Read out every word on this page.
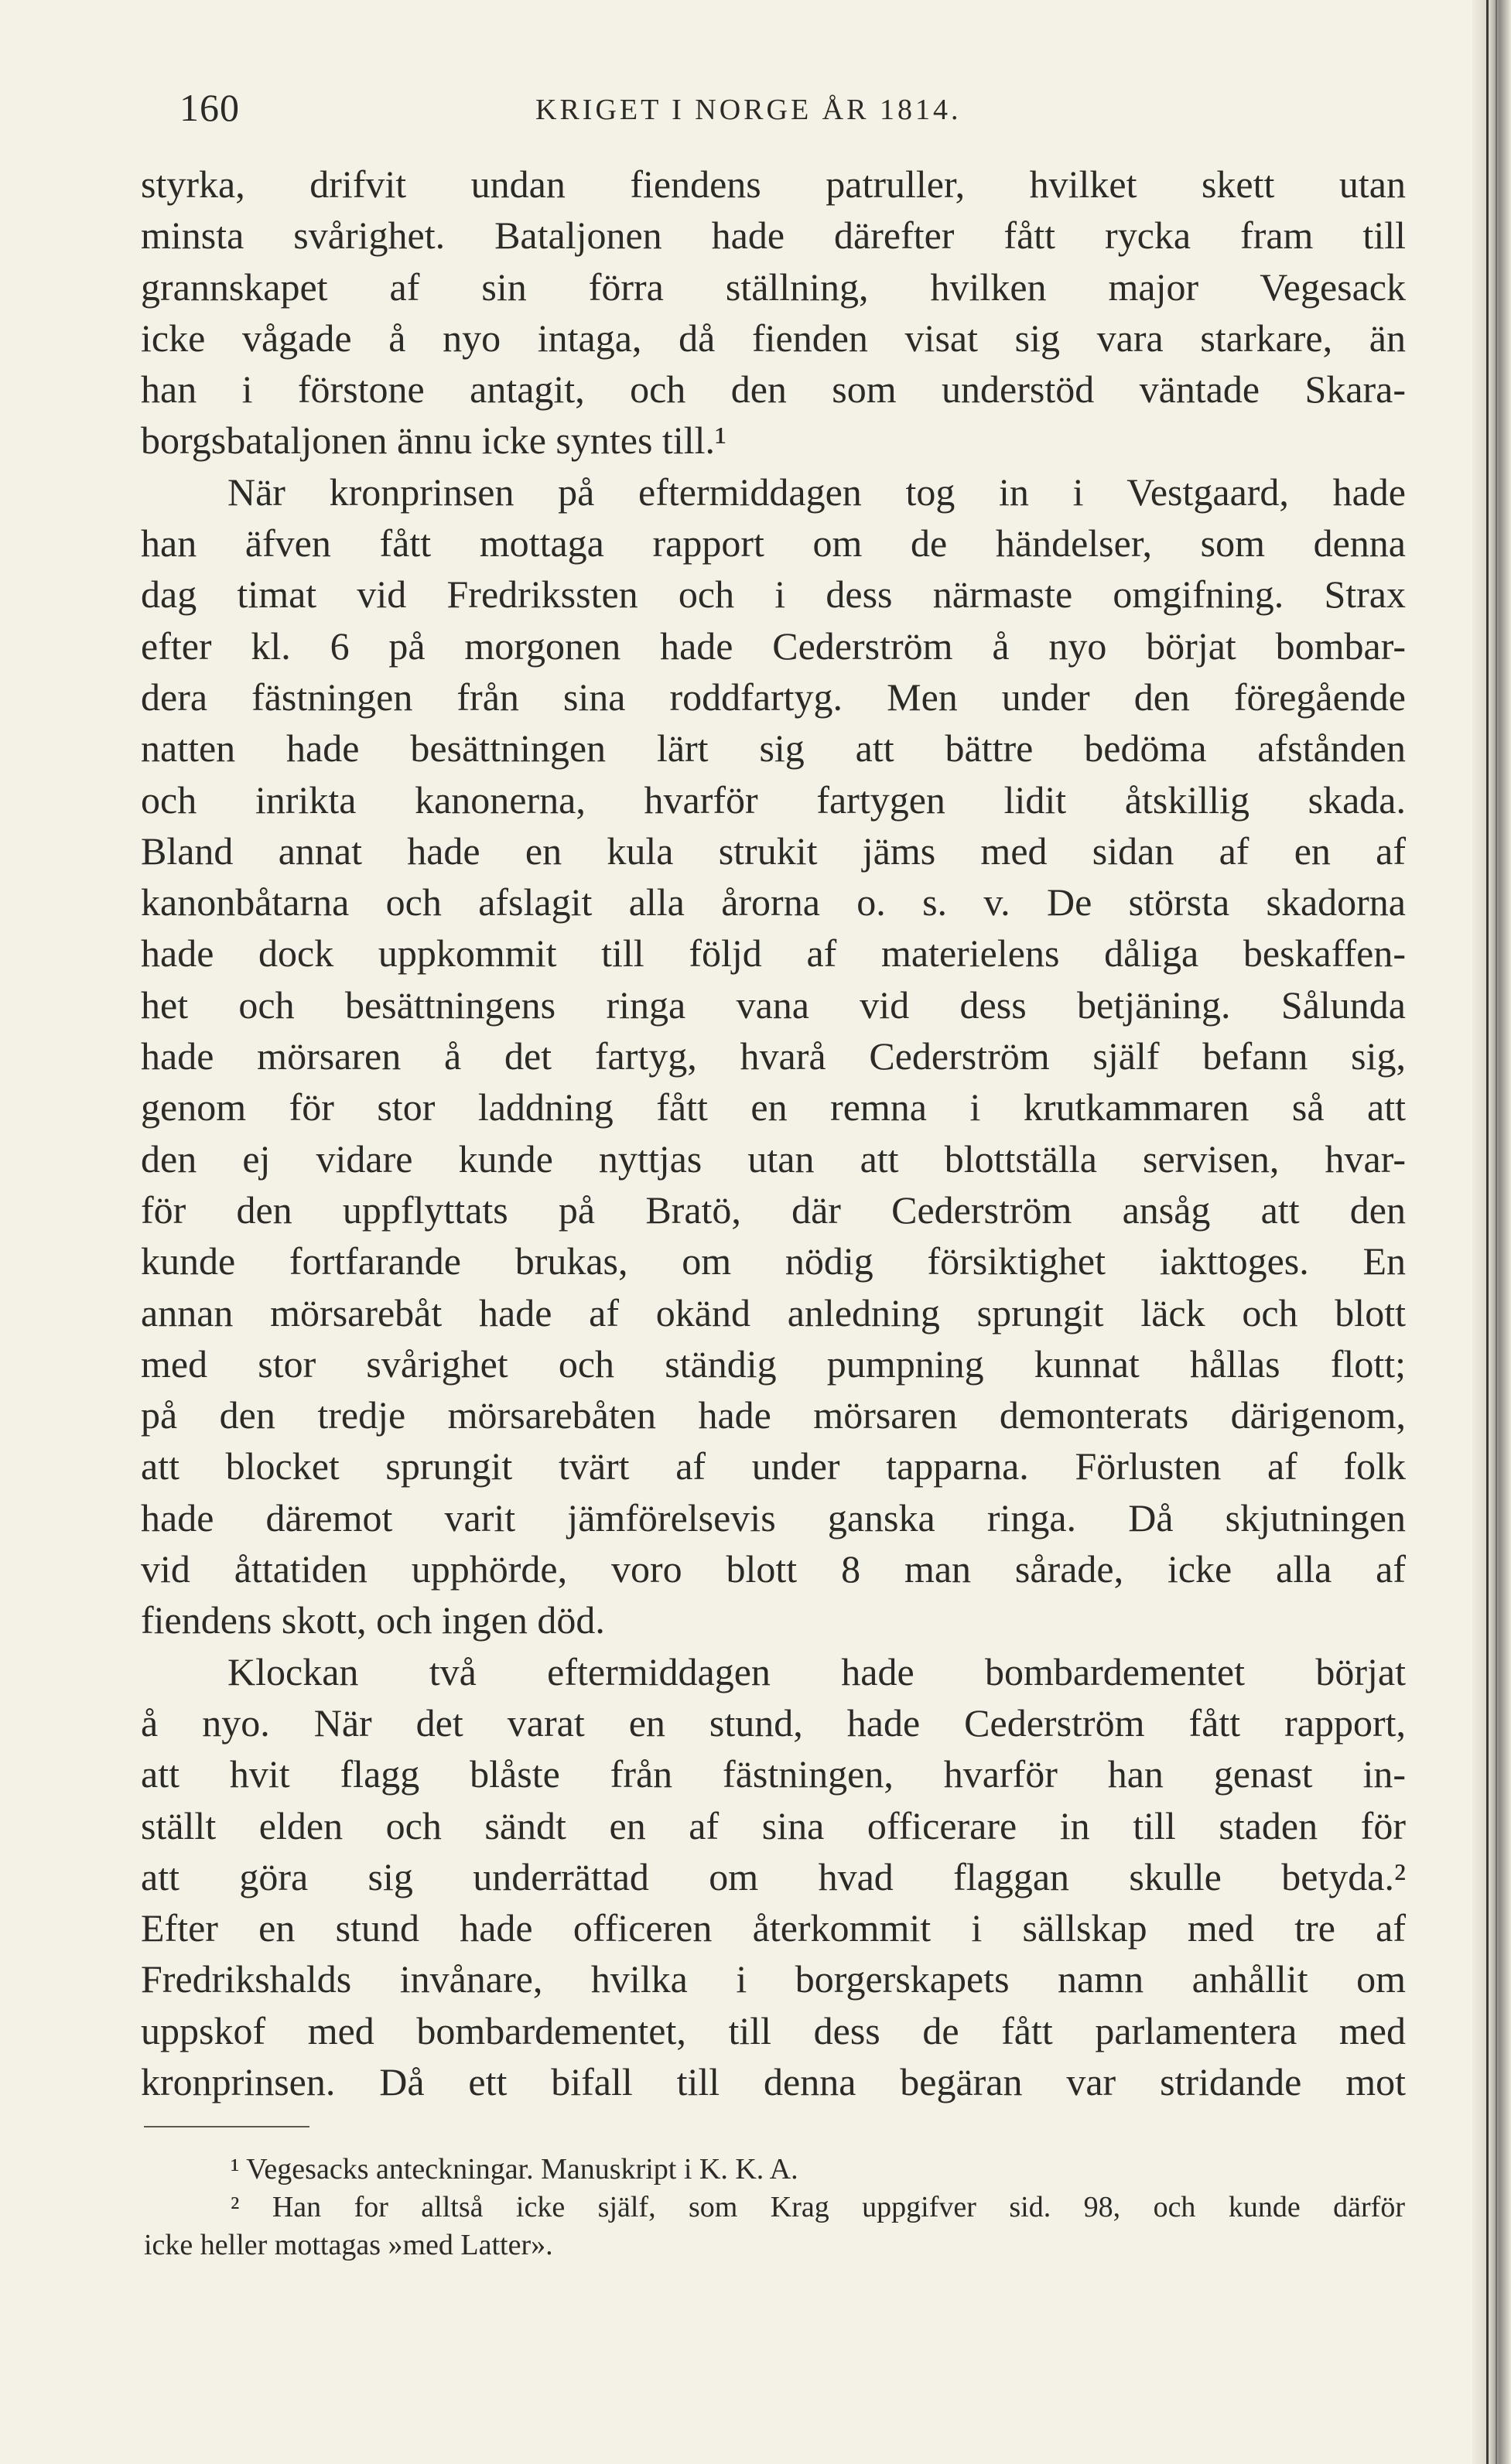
160	KRIGET I NORGE ÅR 1814.
styrka, drifvit undan fiendens patruller, hvilket skett utan
minsta svårighet. Bataljonen hade därefter fått rycka fram till
grannskapet af sin förra ställning, hvilken major Vegesack
icke vågade å nyo intaga, då fienden visat sig vara starkare, än
han i förstone antagit, och den som understöd väntade Skara-
borgsbataljonen ännu icke syntes till.¹
När kronprinsen på eftermiddagen tog in i Vestgaard, hade
han äfven fått mottaga rapport om de händelser, som denna
dag timat vid Fredrikssten och i dess närmaste omgifning. Strax
efter kl. 6 på morgonen hade Cederström å nyo börjat bombar-
dera fästningen från sina roddfartyg. Men under den föregående
natten hade besättningen lärt sig att bättre bedöma afstånden
och inrikta kanonerna, hvarför fartygen lidit åtskillig skada.
Bland annat hade en kula strukit jäms med sidan af en af
kanonbåtarna och afslagit alla årorna o. s. v. De största skadorna
hade dock uppkommit till följd af materielens dåliga beskaffen-
het och besättningens ringa vana vid dess betjäning. Sålunda
hade mörsaren å det fartyg, hvarå Cederström själf befann sig,
genom för stor laddning fått en remna i krutkammaren så att
den ej vidare kunde nyttjas utan att blottställa servisen, hvar-
för den uppflyttats på Bratö, där Cederström ansåg att den
kunde fortfarande brukas, om nödig försiktighet iakttoges. En
annan mörsarebåt hade af okänd anledning sprungit läck och blott
med stor svårighet och ständig pumpning kunnat hållas flott;
på den tredje mörsarebåten hade mörsaren demonterats därigenom,
att blocket sprungit tvärt af under tapparna. Förlusten af folk
hade däremot varit jämförelsevis ganska ringa. Då skjutningen
vid åttatiden upphörde, voro blott 8 man sårade, icke alla af
fiendens skott, och ingen död.
Klockan två eftermiddagen hade bombardementet börjat
å nyo. När det varat en stund, hade Cederström fått rapport,
att hvit flagg blåste från fästningen, hvarför han genast in-
ställt elden och sändt en af sina officerare in till staden för
att göra sig underrättad om hvad flaggan skulle betyda.²
Efter en stund hade officeren återkommit i sällskap med tre af
Fredrikshalds invånare, hvilka i borgerskapets namn anhållit om
uppskof med bombardementet, till dess de fått parlamentera med
kronprinsen. Då ett bifall till denna begäran var stridande mot
¹ Vegesacks anteckningar. Manuskript i K. K. A.
² Han for alltså icke själf, som Krag uppgifver sid. 98, och kunde därför
icke heller mottagas »med Latter».
